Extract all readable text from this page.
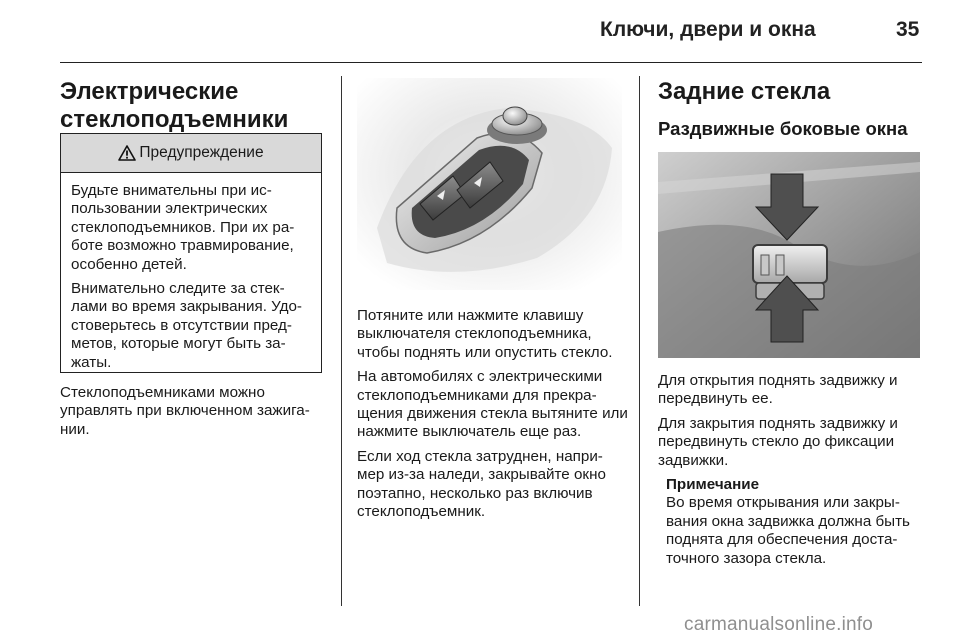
Ключи, двери и окна	35
Электрические стеклоподъемники
Предупреждение

Будьте внимательны при ис-пользовании электрических стеклоподъемников. При их ра-боте возможно травмирование, особенно детей.

Внимательно следите за стек-лами во время закрывания. Удо-стоверьтесь в отсутствии пред-метов, которые могут быть за-жаты.

Стеклоподъемниками можно управлять при включенном зажига-нии.

Потяните или нажмите клавишу выключателя стеклоподъемника, чтобы поднять или опустить стекло.

На автомобилях с электрическими стеклоподъемниками для прекра-щения движения стекла вытяните или нажмите выключатель еще раз.

Если ход стекла затруднен, напри-мер из-за наледи, закрывайте окно поэтапно, несколько раз включив стеклоподъемник.

Задние стекла
Раздвижные боковые окна

Для открытия поднять задвижку и передвинуть ее.

Для закрытия поднять задвижку и передвинуть стекло до фиксации задвижки.

Примечание
Во время открывания или закры-вания окна задвижка должна быть поднята для обеспечения доста-точного зазора стекла.
carmanualsonline.info
